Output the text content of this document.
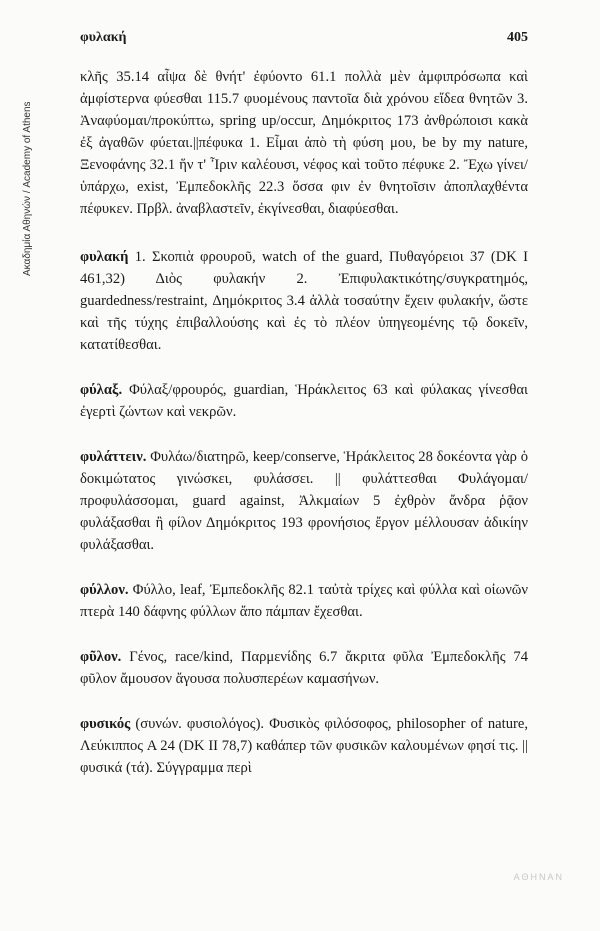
φυλακή	405
Ακαδημία Αθηνών / Academy of Athens

κλῆς 35.14 αἶψα δὲ θνήτ' ἐφύοντο 61.1 πολλὰ μὲν ἀμφιπρόσωπα καὶ ἀμφίστερνα φύεσθαι 115.7 φυομένους παντοῖα διὰ χρόνου εἴδεα θνητῶν 3. Ἀναφύομαι/προκύπτω, spring up/occur, Δημόκριτος 173 ἀνθρώποισι κακὰ ἐξ ἀγαθῶν φύεται.||πέφυκα 1. Εἶμαι ἀπὸ τὴ φύση μου, be by my nature, Ξενοφάνης 32.1 ἥν τ' Ἶριν καλέουσι, νέφος καὶ τοῦτο πέφυκε 2. Ἔχω γίνει/ὑπάρχω, exist, Ἐμπεδοκλῆς 22.3 ὅσσα φιν ἐν θνητοῖσιν ἀποπλαχθέντα πέφυκεν. Πρβλ. ἀναβλαστεῖν, ἐκγίνεσθαι, διαφύεσθαι.

φυλακή 1. Σκοπιὰ φρουροῦ, watch of the guard, Πυθαγόρειοι 37 (DK I 461,32) Διὸς φυλακήν 2. Ἐπιφυλακτικότης/συγκρατημός, guardedness/restraint, Δημόκριτος 3.4 ἀλλὰ τοσαύτην ἔχειν φυλακήν, ὥστε καὶ τῆς τύχης ἐπιβαλλούσης καὶ ἐς τὸ πλέον ὑπηγεομένης τῷ δοκεῖν, κατατίθεσθαι.

φύλαξ. Φύλαξ/φρουρός, guardian, Ἡράκλειτος 63 καὶ φύλακας γίνεσθαι ἐγερτὶ ζώντων καὶ νεκρῶν.

φυλάττειν. Φυλάω/διατηρῶ, keep/conserve, Ἡράκλειτος 28 δοκέοντα γὰρ ὁ δοκιμώτατος γινώσκει, φυλάσσει. || φυλάττεσθαι Φυλάγομαι/προφυλάσσομαι, guard against, Ἀλκμαίων 5 ἐχθρὸν ἄνδρα ῥᾷον φυλάξασθαι ἢ φίλον Δημόκριτος 193 φρονήσιος ἔργον μέλλουσαν ἀδικίην φυλάξασθαι.

φύλλον. Φύλλο, leaf, Ἐμπεδοκλῆς 82.1 ταὐτὰ τρίχες καὶ φύλλα καὶ οἰωνῶν πτερὰ 140 δάφνης φύλλων ἄπο πάμπαν ἔχεσθαι.

φῦλον. Γένος, race/kind, Παρμενίδης 6.7 ἄκριτα φῦλα Ἐμπεδοκλῆς 74 φῦλον ἄμουσον ἄγουσα πολυσπερέων καμασήνων.

φυσικός (συνών. φυσιολόγος). Φυσικὸς φιλόσοφος, philosopher of nature, Λεύκιππος A 24 (DK II 78,7) καθάπερ τῶν φυσικῶν καλουμένων φησί τις. || φυσικά (τά). Σύγγραμμα περὶ

ΑΘΗΝΑΝ
